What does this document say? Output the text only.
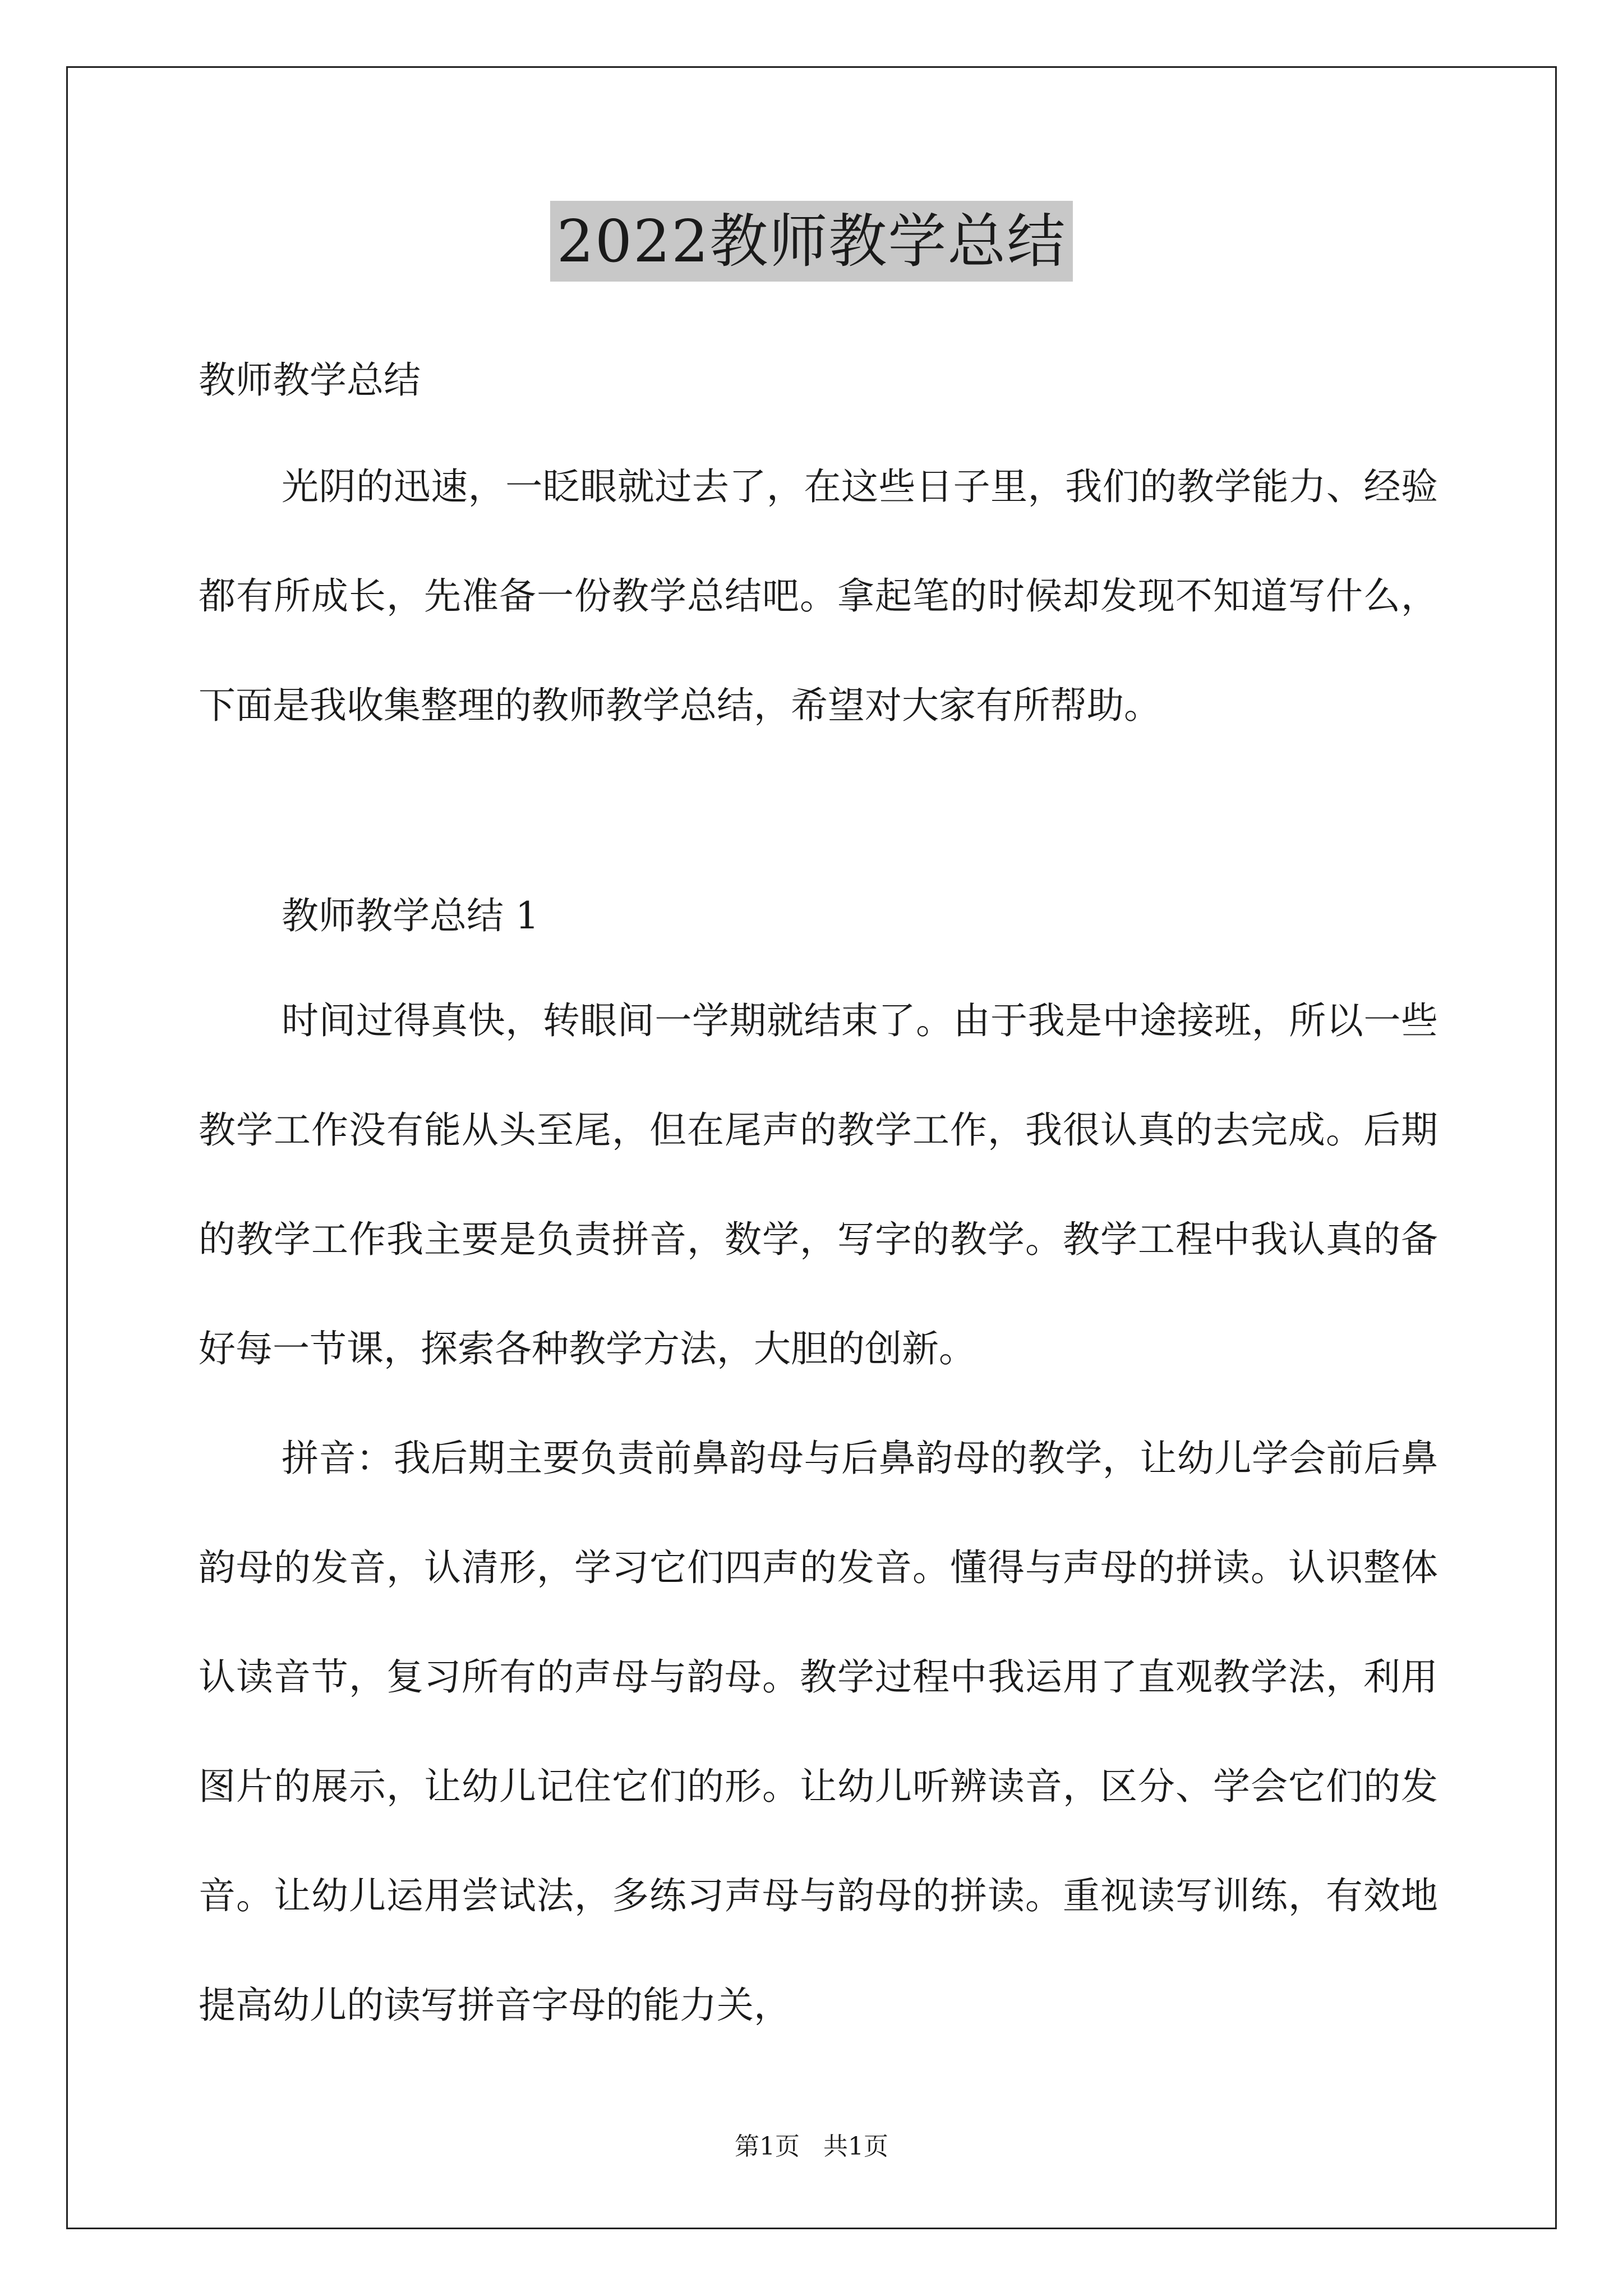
2022教师教学总结

教师教学总结

光阴的迅速，一眨眼就过去了，在这些日子里，我们的教学能力、经验都有所成长，先准备一份教学总结吧。拿起笔的时候却发现不知道写什么，下面是我收集整理的教师教学总结，希望对大家有所帮助。

教师教学总结 1

时间过得真快，转眼间一学期就结束了。由于我是中途接班，所以一些教学工作没有能从头至尾，但在尾声的教学工作，我很认真的去完成。后期的教学工作我主要是负责拼音，数学，写字的教学。教学工程中我认真的备好每一节课，探索各种教学方法，大胆的创新。

拼音：我后期主要负责前鼻韵母与后鼻韵母的教学，让幼儿学会前后鼻韵母的发音，认清形，学习它们四声的发音。懂得与声母的拼读。认识整体认读音节，复习所有的声母与韵母。教学过程中我运用了直观教学法，利用图片的展示，让幼儿记住它们的形。让幼儿听辨读音，区分、学会它们的发音。让幼儿运用尝试法，多练习声母与韵母的拼读。重视读写训练，有效地提高幼儿的读写拼音字母的能力关，

第1页   共1页
